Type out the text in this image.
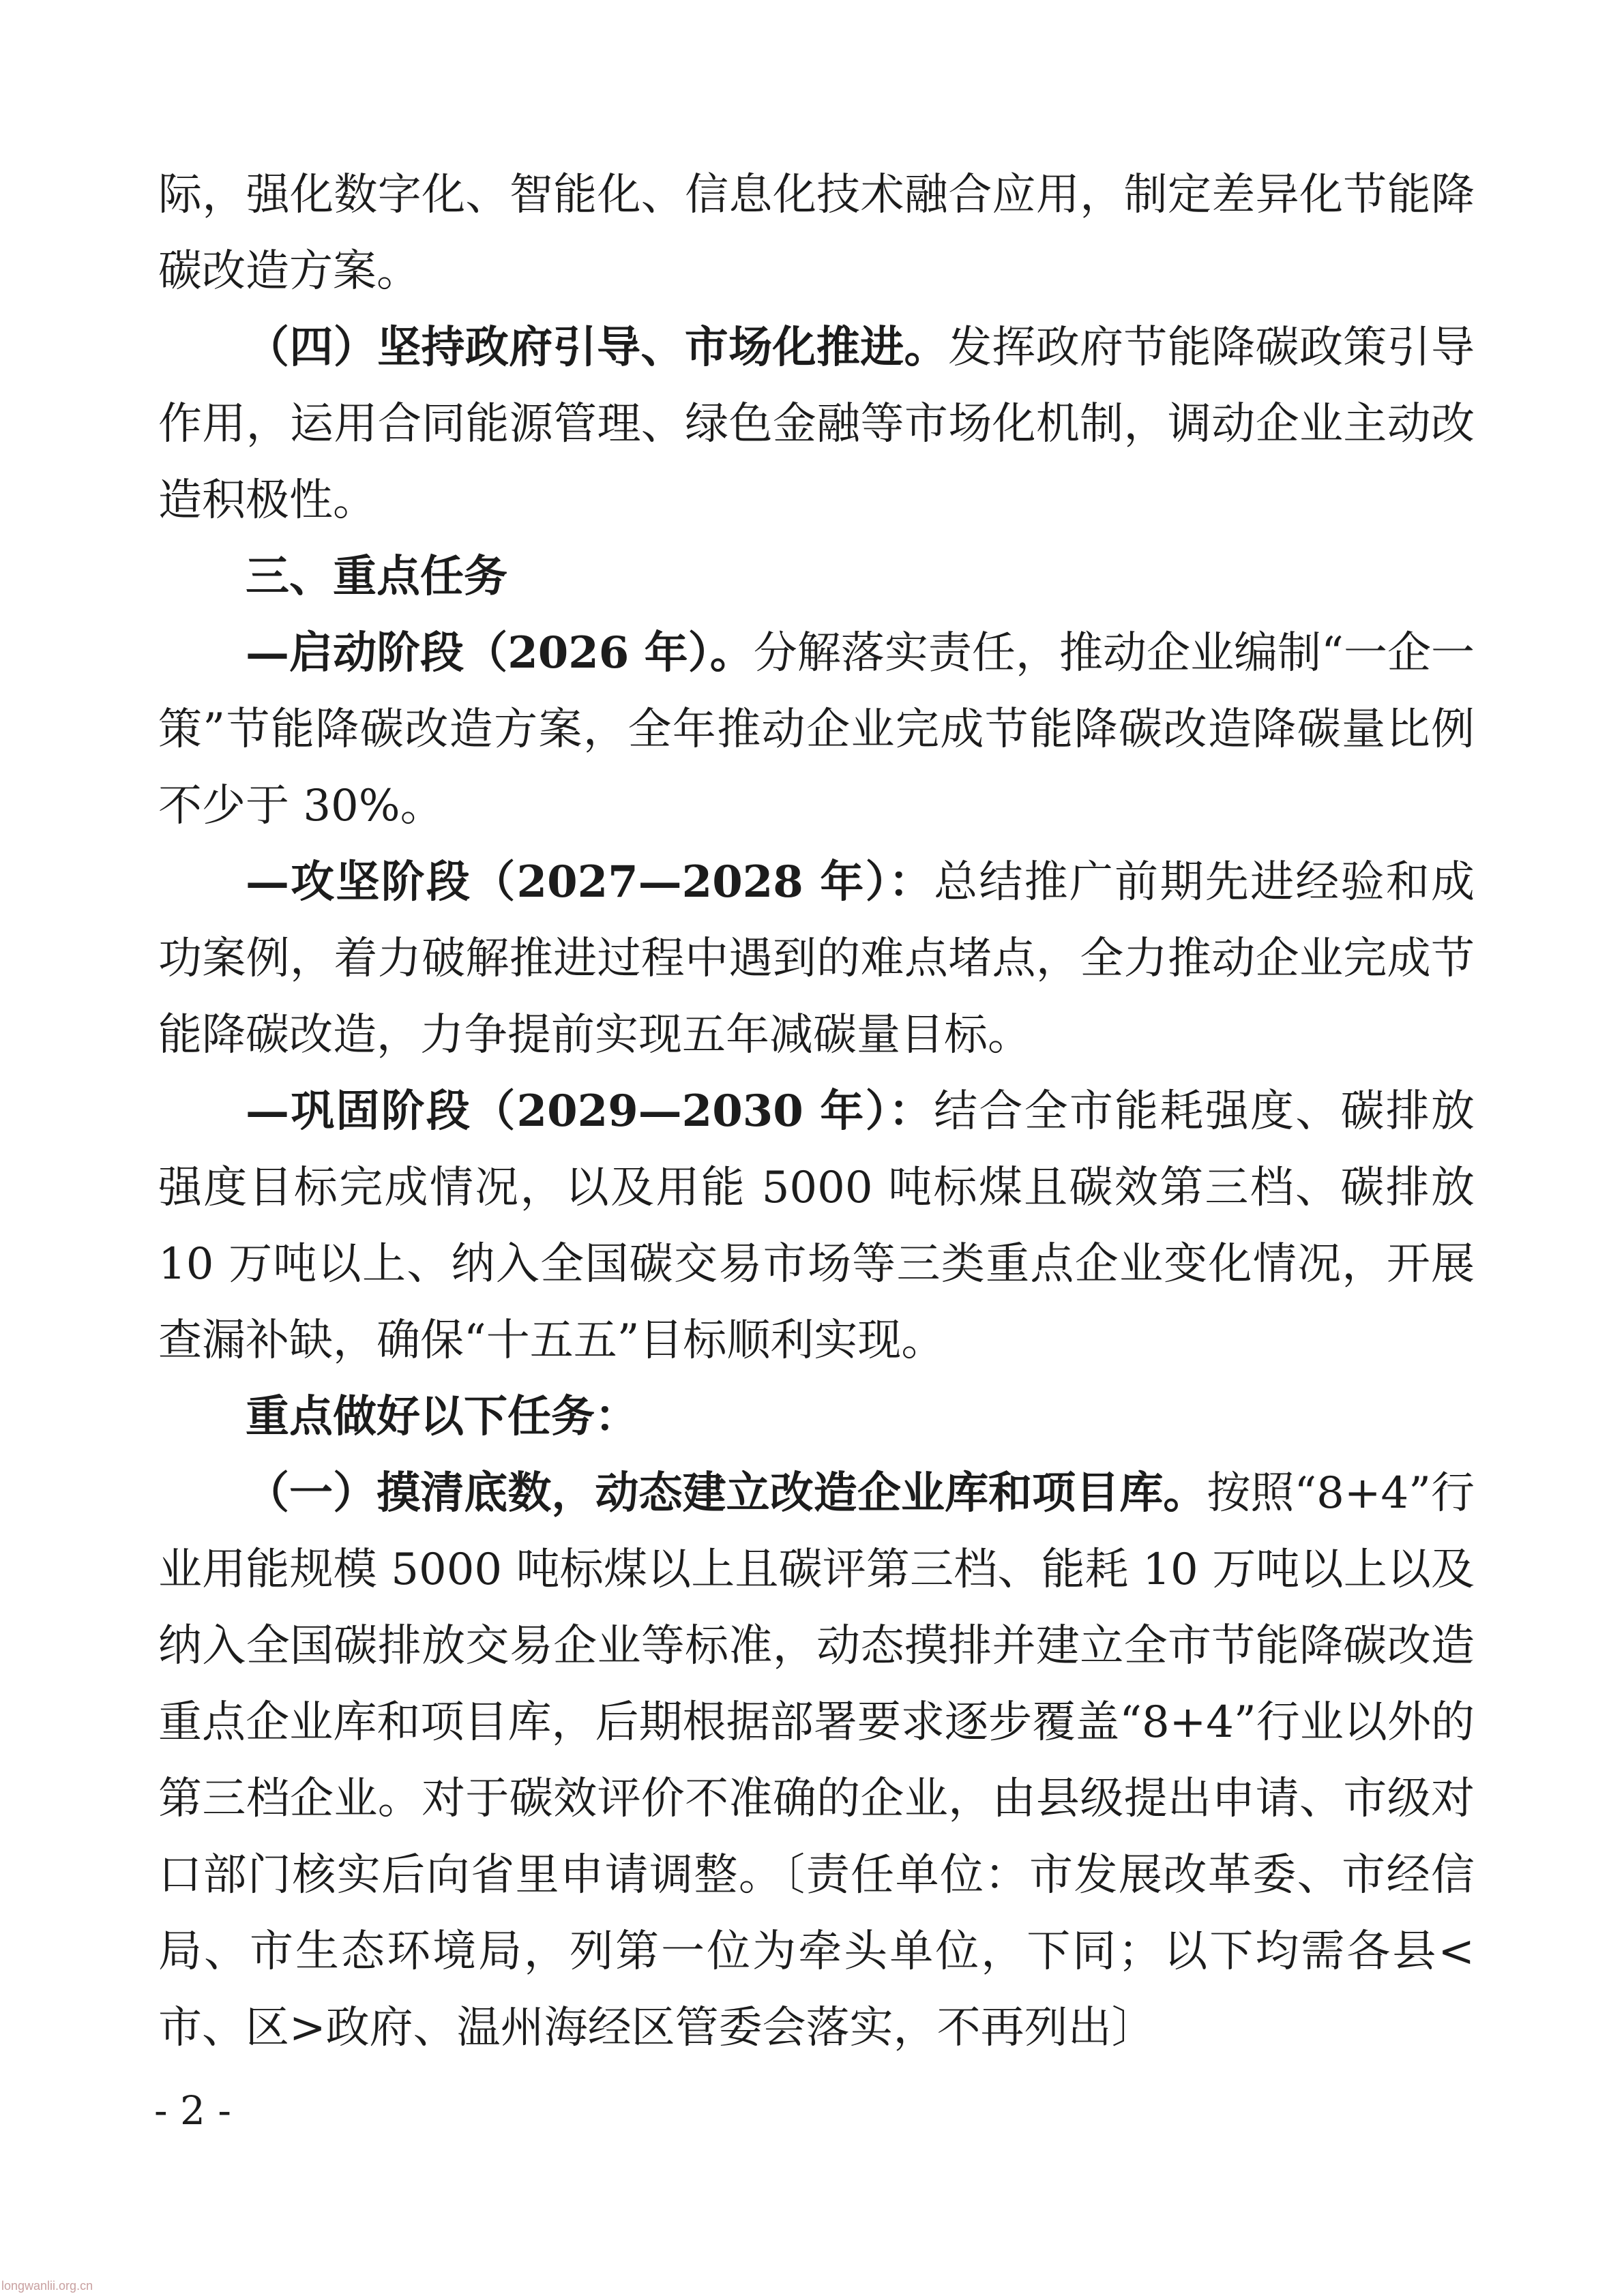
际，强化数字化、智能化、信息化技术融合应用，制定差异化节能降碳改造方案。

（四）坚持政府引导、市场化推进。发挥政府节能降碳政策引导作用，运用合同能源管理、绿色金融等市场化机制，调动企业主动改造积极性。

三、重点任务

—启动阶段（2026 年）。分解落实责任，推动企业编制“一企一策”节能降碳改造方案，全年推动企业完成节能降碳改造降碳量比例不少于 30%。

—攻坚阶段（2027—2028 年）：总结推广前期先进经验和成功案例，着力破解推进过程中遇到的难点堵点，全力推动企业完成节能降碳改造，力争提前实现五年减碳量目标。

—巩固阶段（2029—2030 年）：结合全市能耗强度、碳排放强度目标完成情况，以及用能 5000 吨标煤且碳效第三档、碳排放 10 万吨以上、纳入全国碳交易市场等三类重点企业变化情况，开展查漏补缺，确保“十五五”目标顺利实现。

重点做好以下任务：

（一）摸清底数，动态建立改造企业库和项目库。按照“8+4”行业用能规模 5000 吨标煤以上且碳评第三档、能耗 10 万吨以上以及纳入全国碳排放交易企业等标准，动态摸排并建立全市节能降碳改造重点企业库和项目库，后期根据部署要求逐步覆盖“8+4”行业以外的第三档企业。对于碳效评价不准确的企业，由县级提出申请、市级对口部门核实后向省里申请调整。〔责任单位：市发展改革委、市经信局、市生态环境局，列第一位为牵头单位，下同；以下均需各县<市、区>政府、温州海经区管委会落实，不再列出〕

- 2 -
longwanlii.org.cn
